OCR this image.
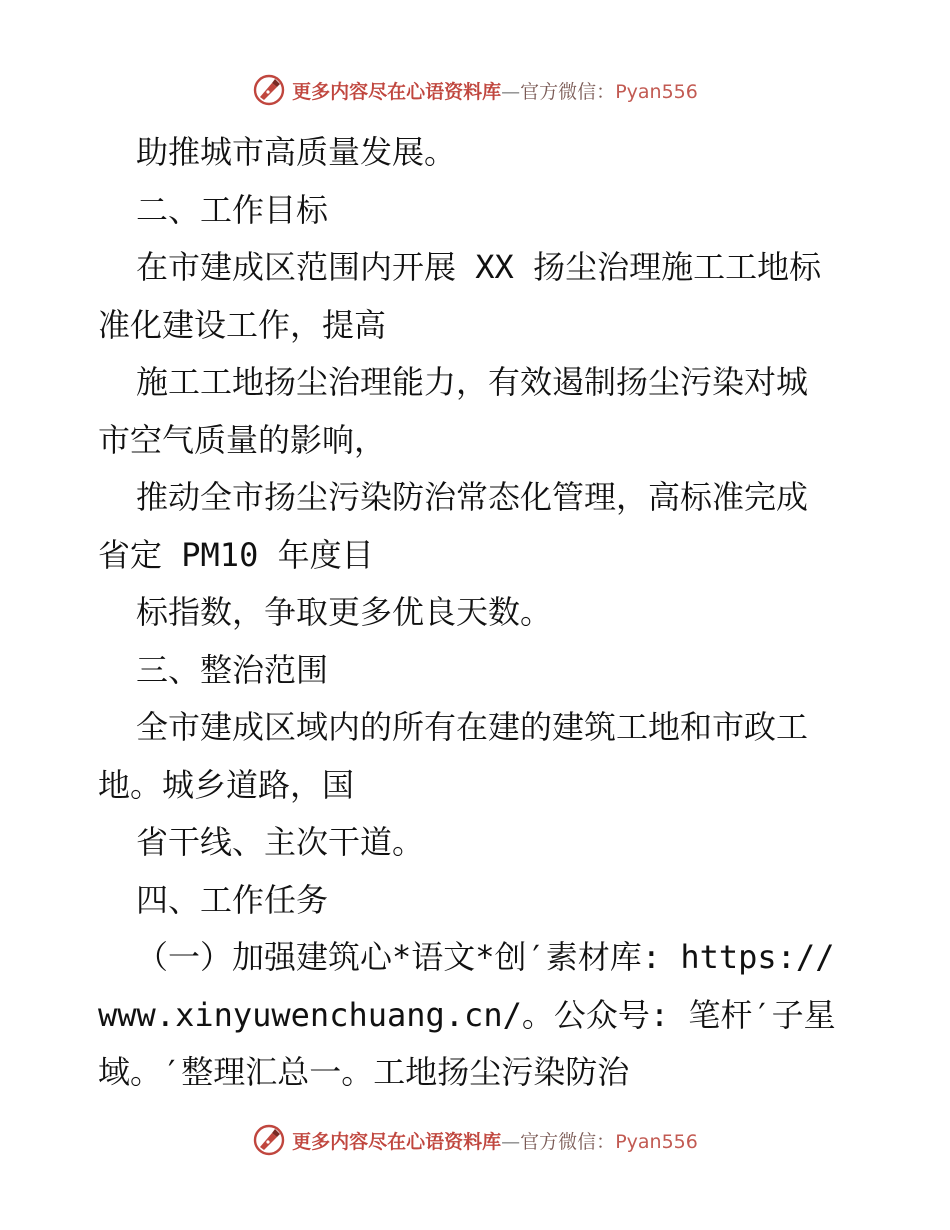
更多内容尽在心语资料库—官方微信：Pyan556
助推城市高质量发展。
二、工作目标
在市建成区范围内开展 XX 扬尘治理施工工地标
准化建设工作，提高
施工工地扬尘治理能力，有效遏制扬尘污染对城
市空气质量的影响，
推动全市扬尘污染防治常态化管理，高标准完成
省定 PM10 年度目
标指数，争取更多优良天数。
三、整治范围
全市建成区域内的所有在建的建筑工地和市政工
地。城乡道路，国
省干线、主次干道。
四、工作任务
（一）加强建筑心*语文*创′素材库: https://
www.xinyuwenchuang.cn/。公众号: 笔杆′子星
域。′整理汇总一。工地扬尘污染防治
更多内容尽在心语资料库—官方微信：Pyan556
